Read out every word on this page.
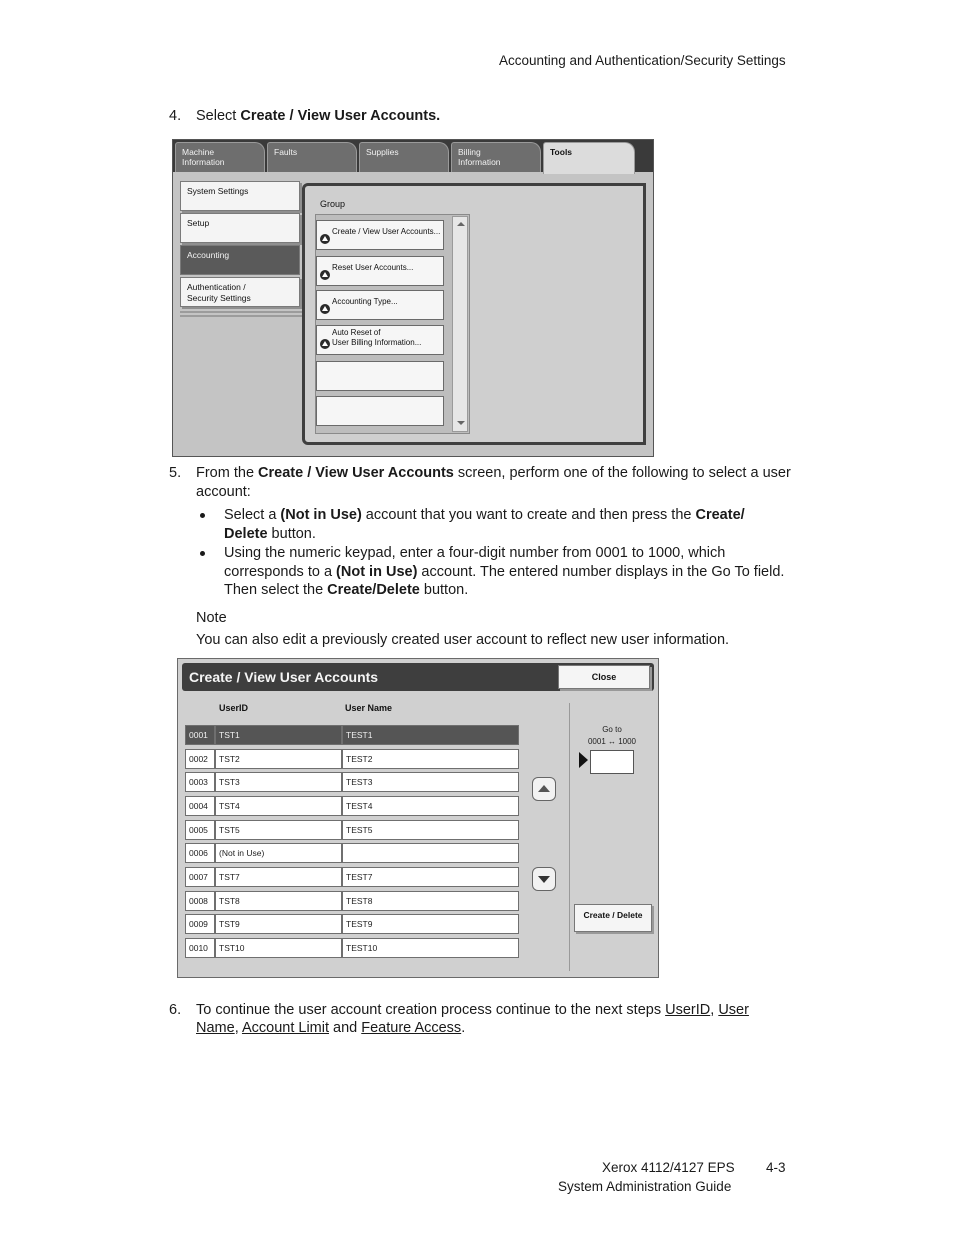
Accounting and Authentication/Security Settings
4. Select Create / View User Accounts.
Machine
Information
Faults	Supplies	Billing
Information
Tools
System Settings
Setup
Accounting
Authentication /
Security Settings
Group
Create / View User Accounts...
Reset User Accounts...
Accounting Type...
Auto Reset of
User Billing Information...
5. From the Create / View User Accounts screen, perform one of the following to select a user
account:
Select a (Not in Use) account that you want to create and then press the Create/
Delete button.
Using the numeric keypad, enter a four-digit number from 0001 to 1000, which
corresponds to a (Not in Use) account. The entered number displays in the Go To field.
Then select the Create/Delete button.
Note
You can also edit a previously created user account to reflect new user information.
Create / View User Accounts	Close
UserID	User Name
0001	TST1	TEST1
0002	TST2	TEST2
0003	TST3	TEST3
0004	TST4	TEST4
0005	TST5	TEST5
0006	(Not in Use)
0007	TST7	TEST7
0008	TST8	TEST8
0009	TST9	TEST9
0010	TST10	TEST10
Go to
0001 ↔ 1000
Create / Delete
6. To continue the user account creation process continue to the next steps UserID, User
Name, Account Limit and Feature Access.
Xerox 4112/4127 EPS 4-3
System Administration Guide
